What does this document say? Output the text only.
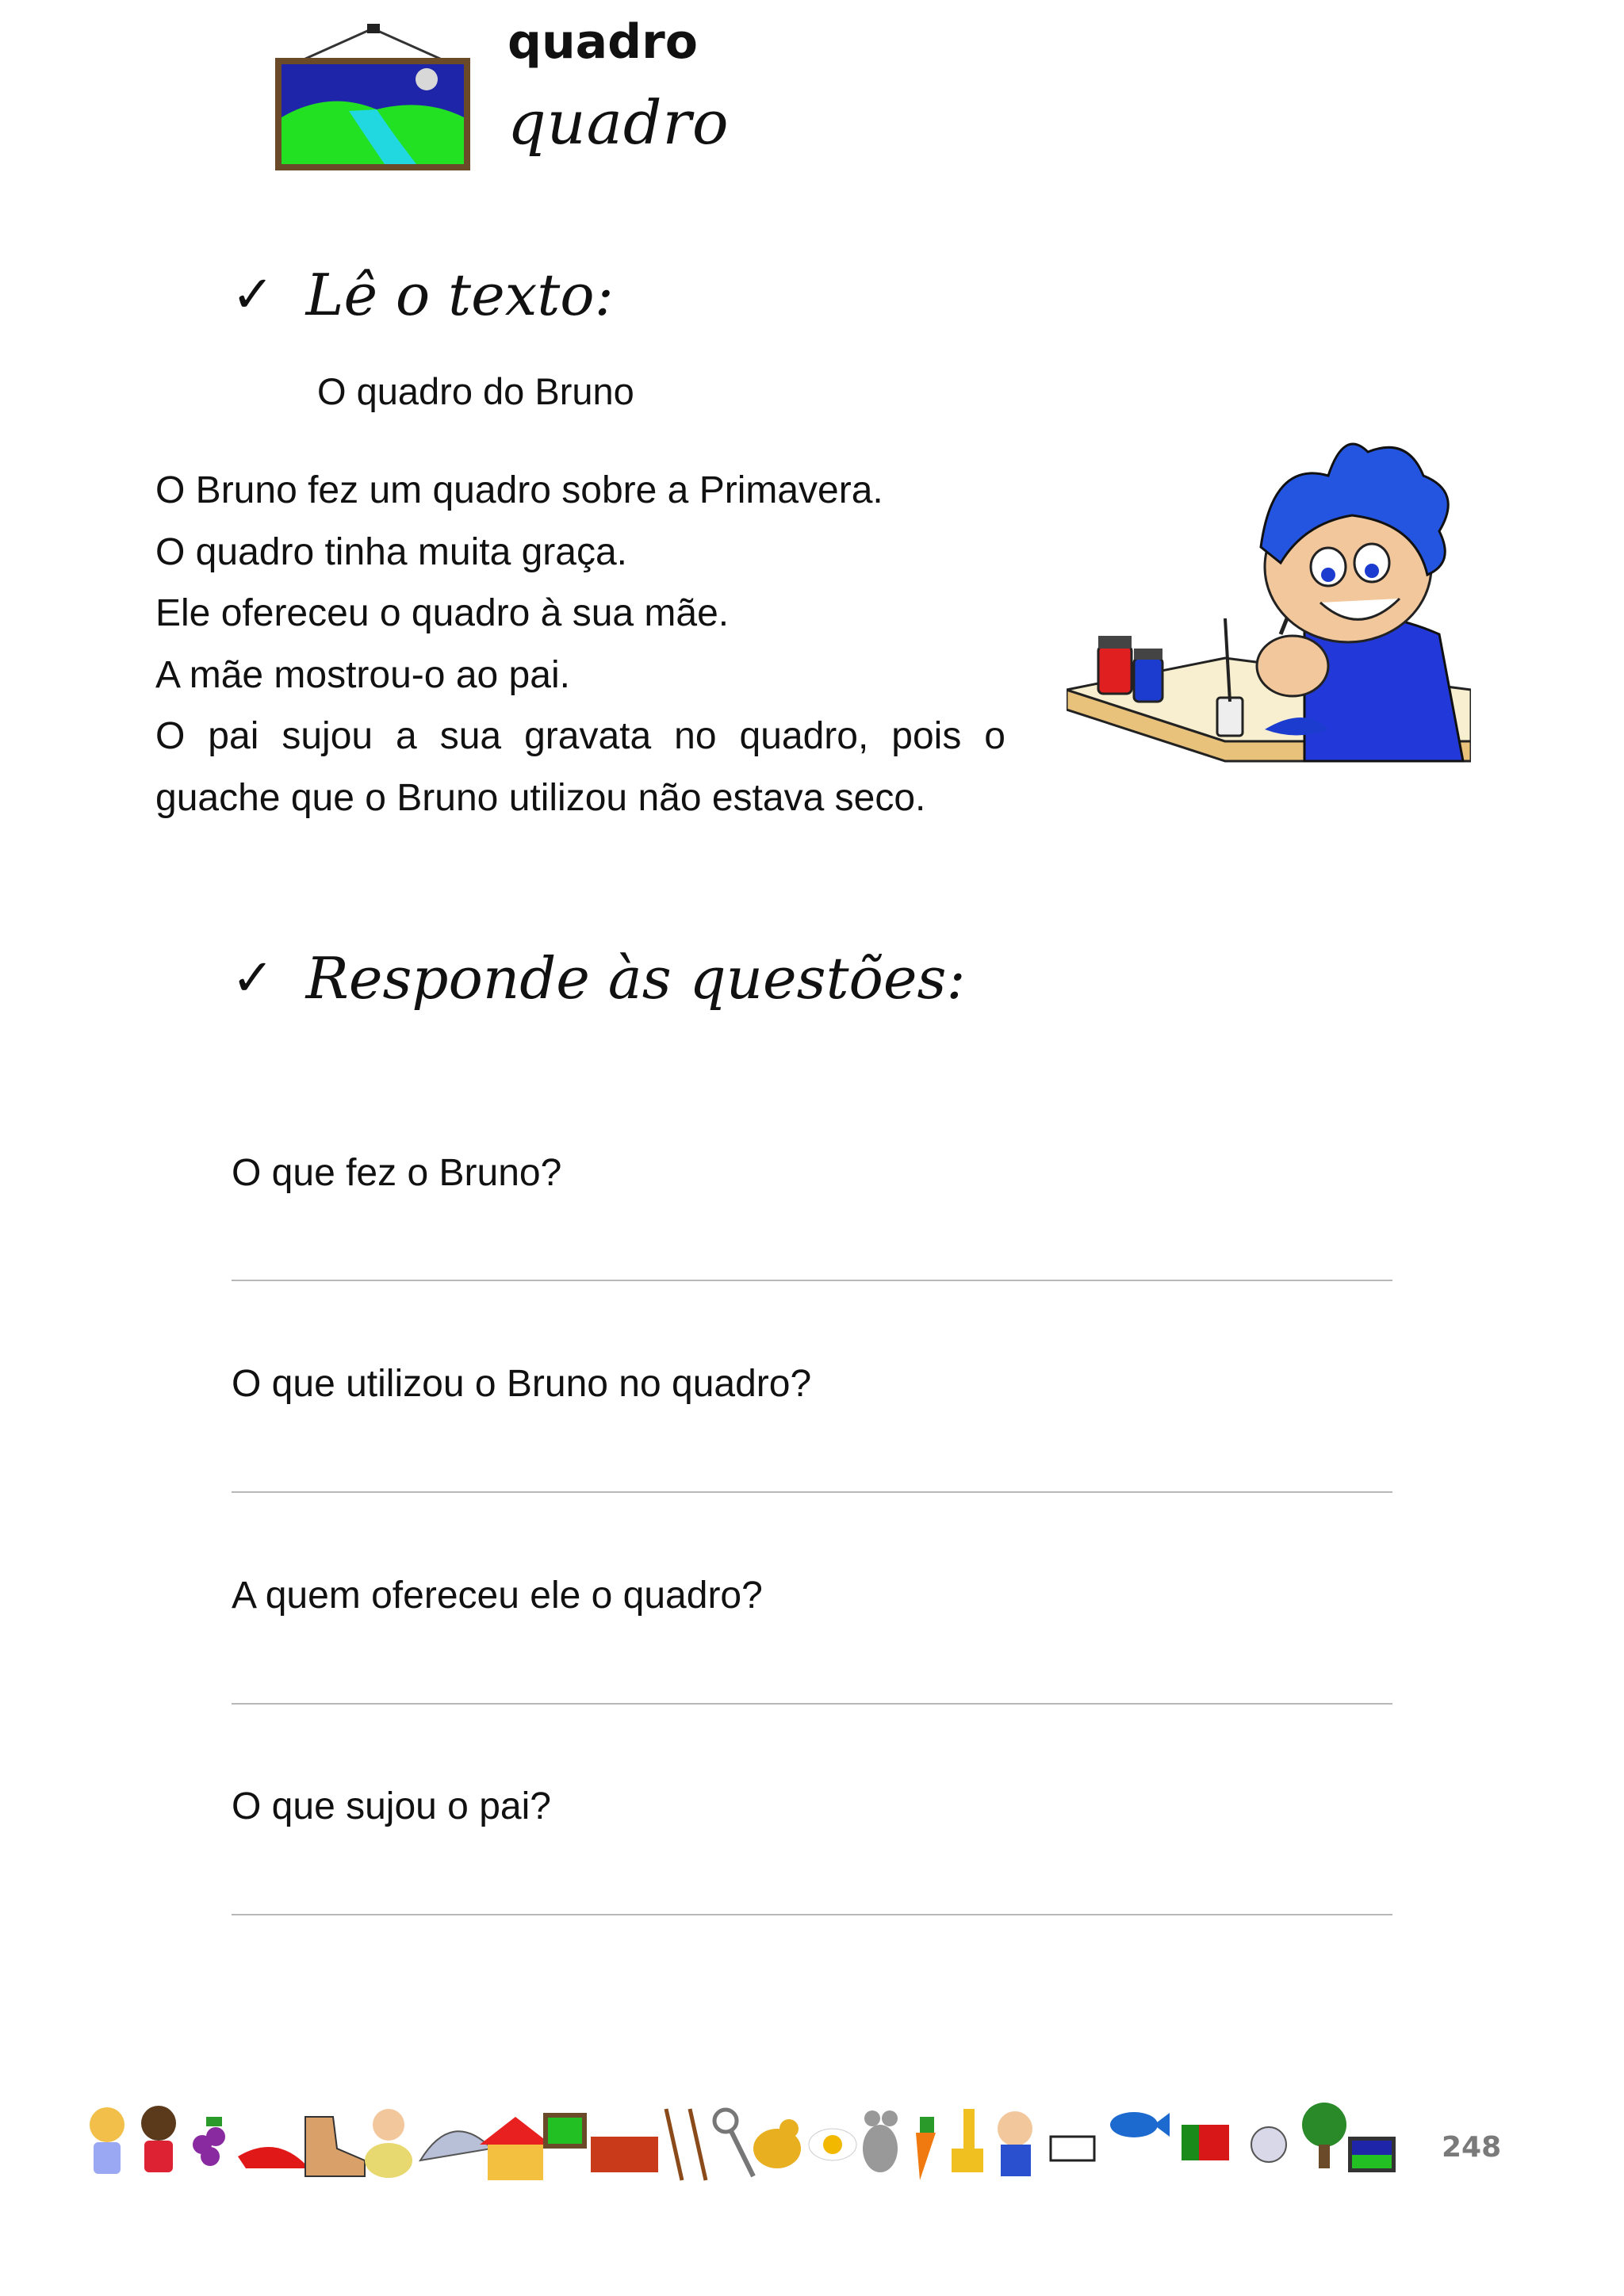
quadro
quadro
✓ Lê o texto:
O quadro do Bruno
O Bruno fez um quadro sobre a Primavera.
O quadro tinha muita graça.
Ele ofereceu o quadro à sua mãe.
A mãe mostrou-o ao pai.
O pai sujou a sua gravata no quadro, pois o
guache que o Bruno utilizou não estava seco.
✓ Responde às questões:
O que fez o Bruno?
O que utilizou o Bruno no quadro?
A quem ofereceu ele o quadro?
O que sujou o pai?
248
